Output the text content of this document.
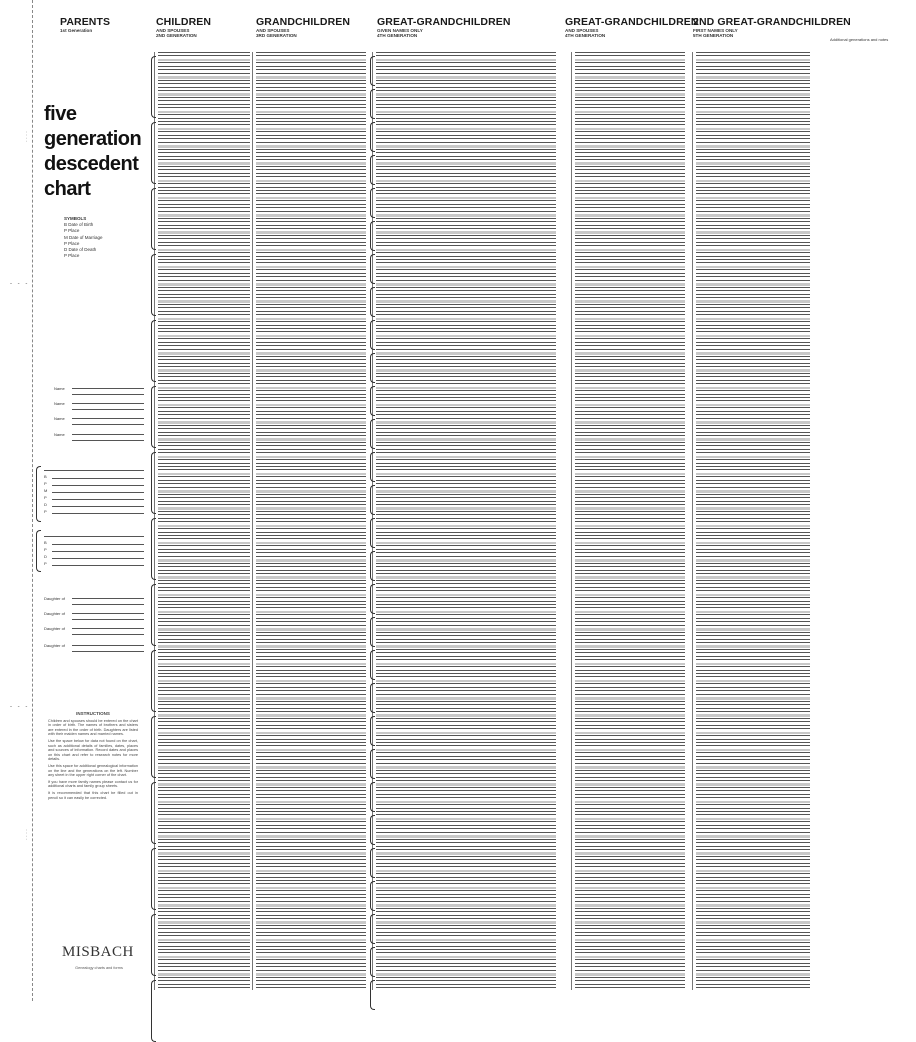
- - -
- - -
· · · ·
· · · ·
PARENTS
1st Generation
CHILDREN
AND SPOUSES
2ND GENERATION
GRANDCHILDREN
AND SPOUSES
3RD GENERATION
GREAT-GRANDCHILDREN
GIVEN NAMES ONLY
4TH GENERATION
GREAT-GRANDCHILDREN
AND SPOUSES
4TH GENERATION
2ND GREAT-GRANDCHILDREN
FIRST NAMES ONLY
5TH GENERATION
Additional generations and notes
five
generation
descedent
chart
SYMBOLS
B Date of Birth
P Place
M Date of Marriage
P Place
D Date of Death
P Place
Name
Name
Name
Name
B
P
M
P
D
P
B
P
D
P
Daughter of
Daughter of
Daughter of
Daughter of
INSTRUCTIONS

Children and spouses should be entered on the chart in order of birth. The names of brothers and sisters are entered in the order of birth. Daughters are listed with their maiden names and married names.

Use the space below for data not found on the chart, such as additional details of families, dates, places and sources of information. Record dates and places on this chart and refer to research notes for more details.

Use this space for additional genealogical information on the line and the generations on the left. Number any sheet in the upper right corner of the chart.

If you have more family names please contact us for additional charts and family group sheets.

It is recommended that this chart be filled out in pencil so it can easily be corrected.

MISBACH
Genealogy charts and forms
